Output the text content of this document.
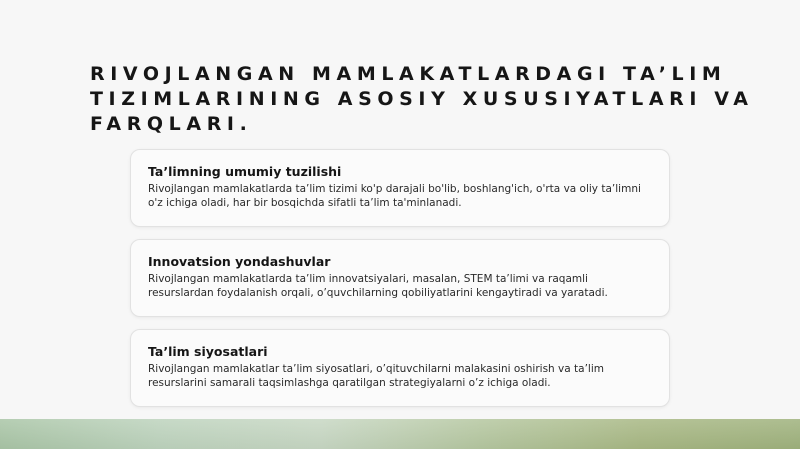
RIVOJLANGAN MAMLAKATLARDAGI TA’LIM TIZIMLARINING ASOSIY XUSUSIYATLARI VA FARQLARI.
Ta’limning umumiy tuzilishi

Rivojlangan mamlakatlarda ta’lim tizimi ko'p darajali bo'lib, boshlang'ich, o'rta va oliy ta’limni o'z ichiga oladi, har bir bosqichda sifatli ta’lim ta'minlanadi.

Innovatsion yondashuvlar

Rivojlangan mamlakatlarda ta’lim innovatsiyalari, masalan, STEM ta’limi va raqamli resurslardan foydalanish orqali, o’quvchilarning qobiliyatlarini kengaytiradi va yaratadi.

Ta’lim siyosatlari

Rivojlangan mamlakatlar ta’lim siyosatlari, o’qituvchilarni malakasini oshirish va ta’lim resurslarini samarali taqsimlashga qaratilgan strategiyalarni o’z ichiga oladi.
